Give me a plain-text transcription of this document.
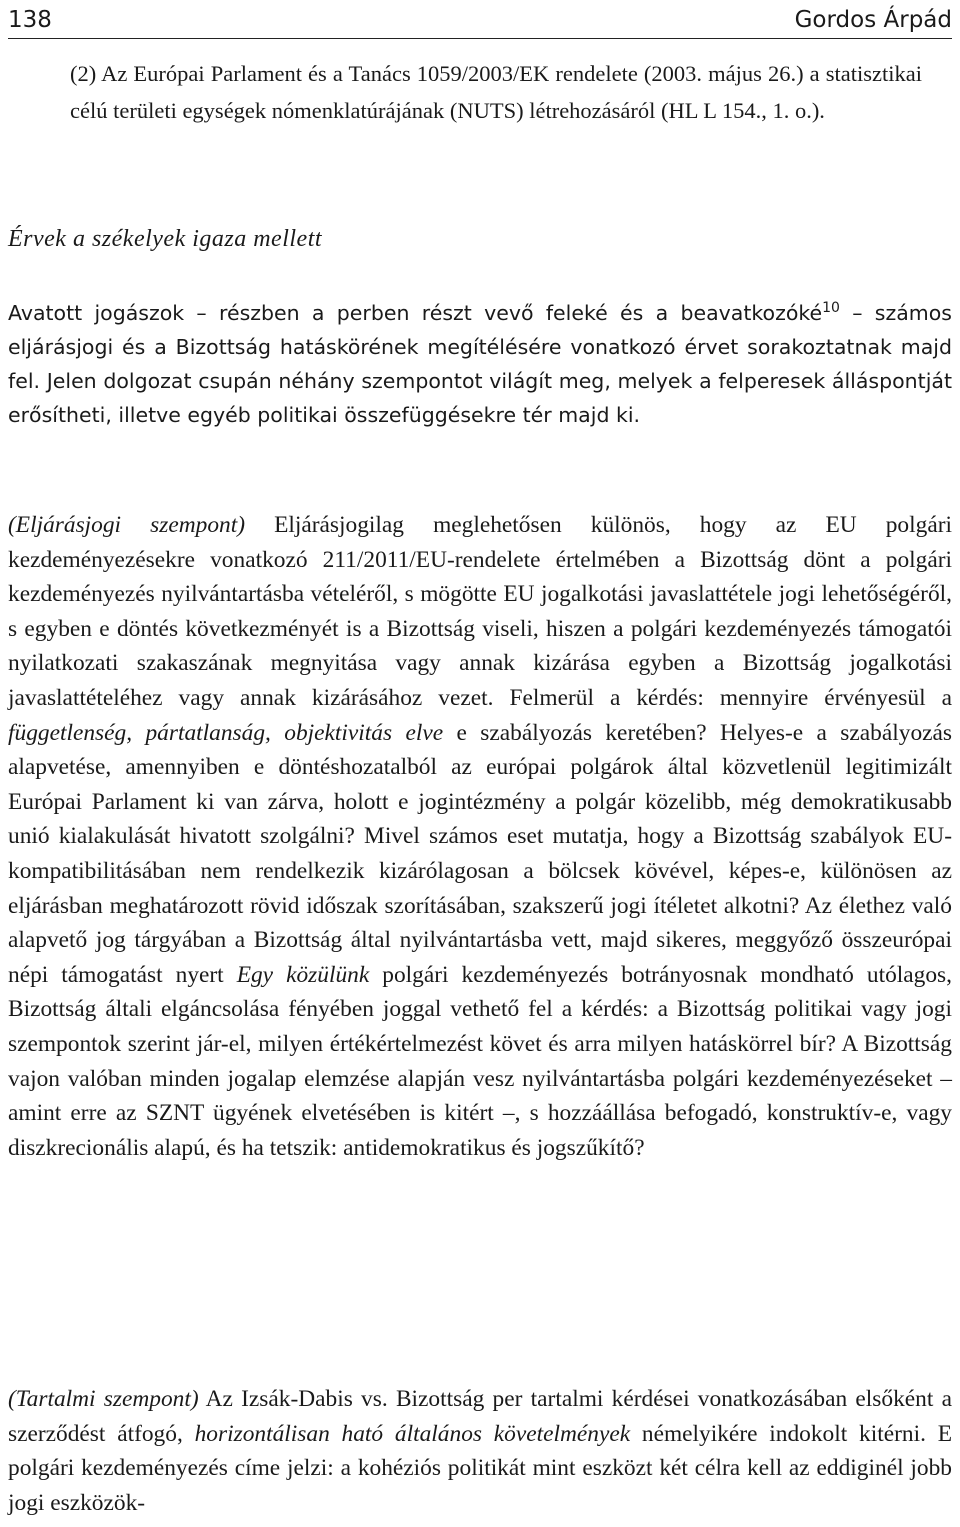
138	Gordos Árpád

(2) Az Európai Parlament és a Tanács 1059/2003/EK rendelete (2003. május 26.) a statisztikai célú területi egységek nómenklatúrájának (NUTS) létrehozásáról (HL L 154., 1. o.).

Érvek a székelyek igaza mellett

Avatott jogászok – részben a perben részt vevő feleké és a beavatkozóké$^{10}$ – számos eljárásjogi és a Bizottság hatáskörének megítélésére vonatkozó érvet sorakoztatnak majd fel. Jelen dolgozat csupán néhány szempontot világít meg, melyek a felperesek álláspontját erősítheti, illetve egyéb politikai összefüggésekre tér majd ki.

(Eljárásjogi szempont) Eljárásjogilag meglehetősen különös, hogy az EU polgári kezdeményezésekre vonatkozó 211/2011/EU-rendelete értelmében a Bizottság dönt a polgári kezdeményezés nyilvántartásba vételéről, s mögötte EU jogalkotási javaslattétele jogi lehetőségéről, s egyben e döntés következményét is a Bizottság viseli, hiszen a polgári kezdeményezés támogatói nyilatkozati szakaszának megnyitása vagy annak kizárása egyben a Bizottság jogalkotási javaslattételéhez vagy annak kizárásához vezet. Felmerül a kérdés: mennyire érvényesül a függetlenség, pártatlanság, objektivitás elve e szabályozás keretében? Helyes-e a szabályozás alapvetése, amennyiben e döntéshozatalból az európai polgárok által közvetlenül legitimizált Európai Parlament ki van zárva, holott e jogintézmény a polgár közelibb, még demokratikusabb unió kialakulását hivatott szolgálni? Mivel számos eset mutatja, hogy a Bizottság szabályok EU-kompatibilitásában nem rendelkezik kizárólagosan a bölcsek kövével, képes-e, különösen az eljárásban meghatározott rövid időszak szorításában, szakszerű jogi ítéletet alkotni? Az élethez való alapvető jog tárgyában a Bizottság által nyilvántartásba vett, majd sikeres, meggyőző összeurópai népi támogatást nyert Egy közülünk polgári kezdeményezés botrányosnak mondható utólagos, Bizottság általi elgáncsolása fényében joggal vethető fel a kérdés: a Bizottság politikai vagy jogi szempontok szerint jár-el, milyen értékértelmezést követ és arra milyen hatáskörrel bír? A Bizottság vajon valóban minden jogalap elemzése alapján vesz nyilvántartásba polgári kezdeményezéseket – amint erre az SZNT ügyének elvetésében is kitért –, s hozzáállása befogadó, konstruktív-e, vagy diszkrecionális alapú, és ha tetszik: antidemokratikus és jogszűkítő?

(Tartalmi szempont) Az Izsák-Dabis vs. Bizottság per tartalmi kérdései vonatkozásában elsőként a szerződést átfogó, horizontálisan ható általános követelmények némelyikére indokolt kitérni. E polgári kezdeményezés címe jelzi: a kohéziós politikát mint eszközt két célra kell az eddiginél jobb jogi eszközök-
